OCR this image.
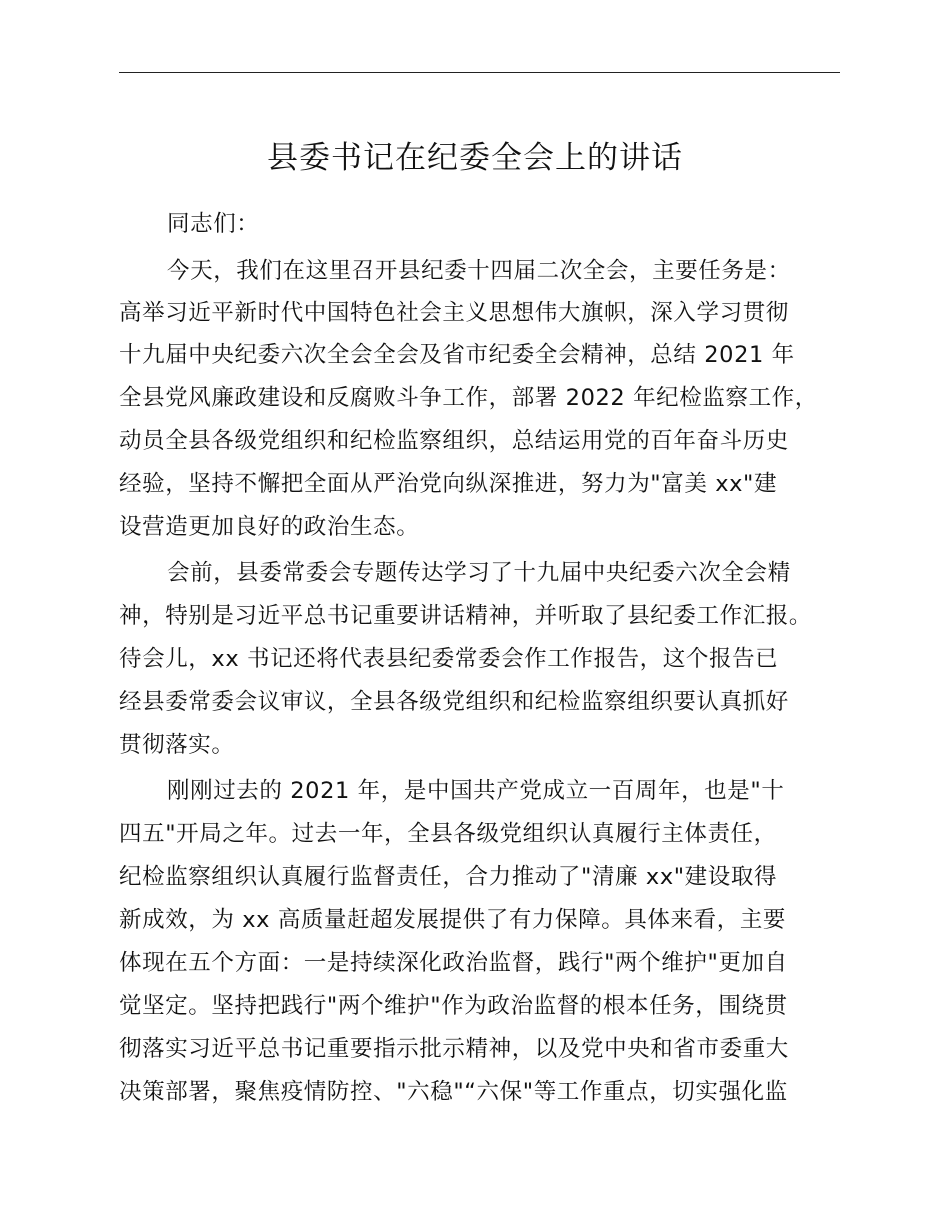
县委书记在纪委全会上的讲话
同志们：
今天，我们在这里召开县纪委十四届二次全会，主要任务是：
高举习近平新时代中国特色社会主义思想伟大旗帜，深入学习贯彻
十九届中央纪委六次全会全会及省市纪委全会精神，总结 2021 年
全县党风廉政建设和反腐败斗争工作，部署 2022 年纪检监察工作，
动员全县各级党组织和纪检监察组织，总结运用党的百年奋斗历史
经验，坚持不懈把全面从严治党向纵深推进，努力为"富美 xx"建
设营造更加良好的政治生态。
会前，县委常委会专题传达学习了十九届中央纪委六次全会精
神，特别是习近平总书记重要讲话精神，并听取了县纪委工作汇报。
待会儿，xx 书记还将代表县纪委常委会作工作报告，这个报告已
经县委常委会议审议，全县各级党组织和纪检监察组织要认真抓好
贯彻落实。
刚刚过去的 2021 年，是中国共产党成立一百周年，也是"十
四五"开局之年。过去一年，全县各级党组织认真履行主体责任，
纪检监察组织认真履行监督责任，合力推动了"清廉 xx"建设取得
新成效，为 xx 高质量赶超发展提供了有力保障。具体来看，主要
体现在五个方面：一是持续深化政治监督，践行"两个维护"更加自
觉坚定。坚持把践行"两个维护"作为政治监督的根本任务，围绕贯
彻落实习近平总书记重要指示批示精神，以及党中央和省市委重大
决策部署，聚焦疫情防控、"六稳"“六保"等工作重点，切实强化监
